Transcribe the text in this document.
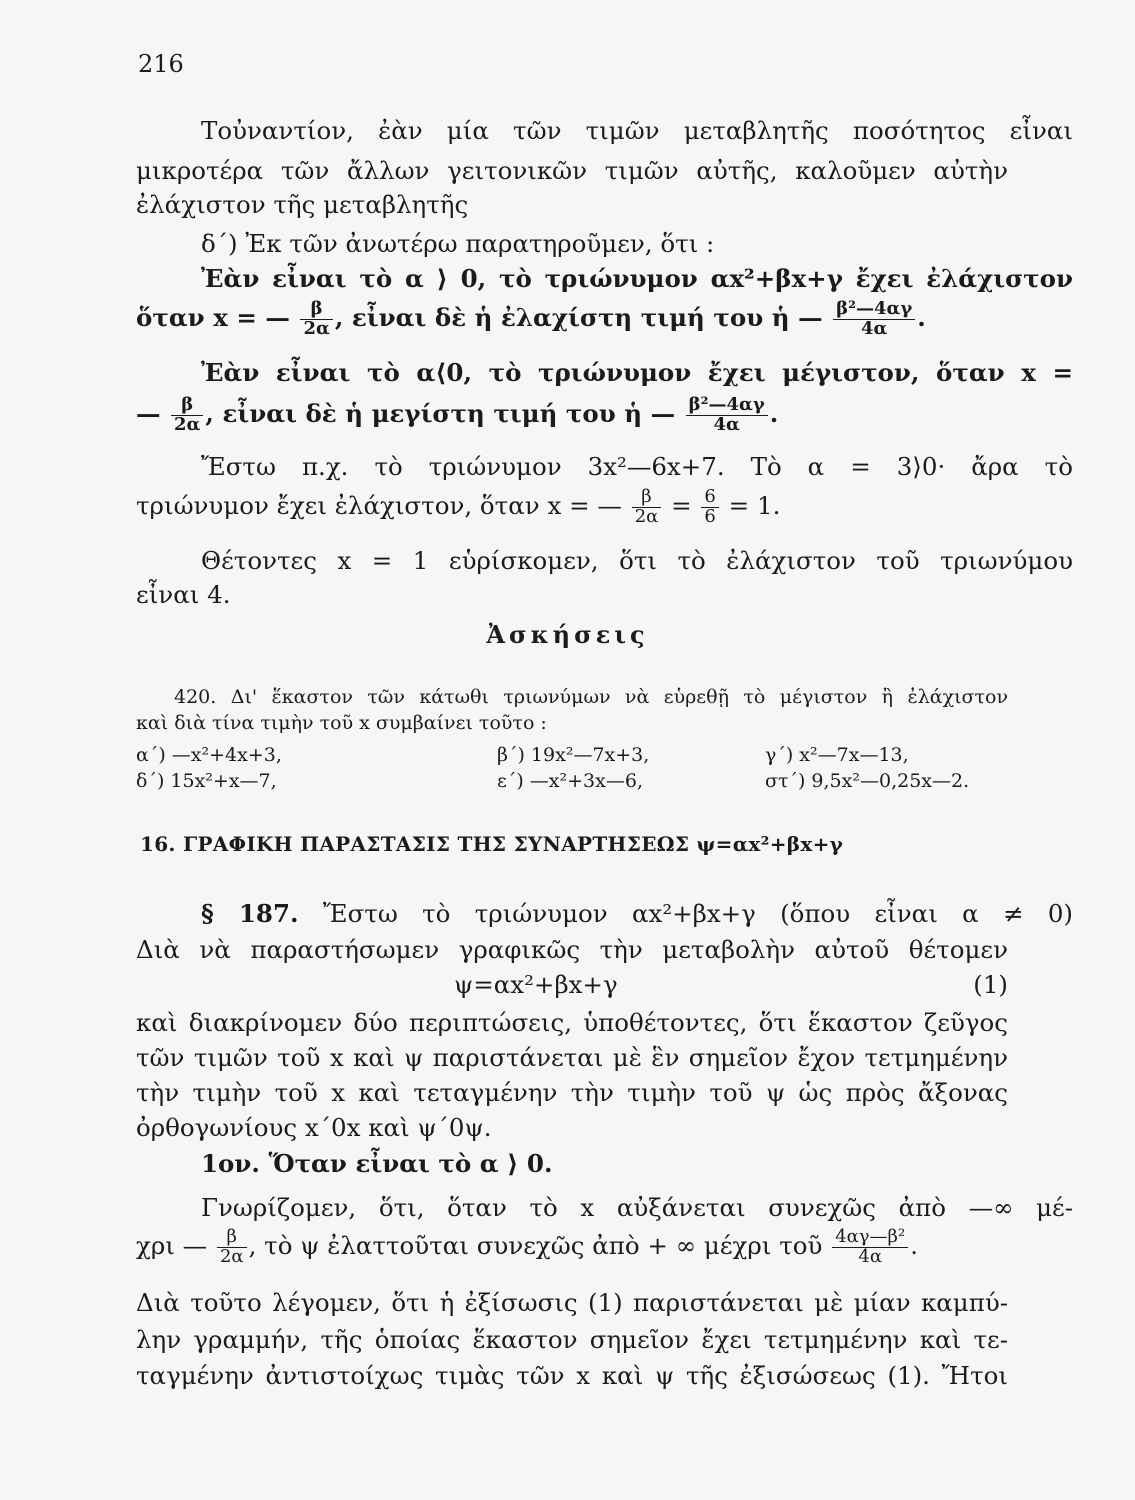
216
Τοὐναντίον, ἐὰν μία τῶν τιμῶν μεταβλητῆς ποσότητος εἶναι
μικροτέρα τῶν ἄλλων γειτονικῶν τιμῶν αὐτῆς, καλοῦμεν αὐτὴν
ἐλάχιστον τῆς μεταβλητῆς
δ΄) Ἐκ τῶν ἀνωτέρω παρατηροῦμεν, ὅτι :
Ἐὰν εἶναι τὸ α ⟩ 0, τὸ τριώνυμον αx²+βx+γ ἔχει ἐλάχιστον
ὅταν x = — $\frac{\beta}{2\alpha}$ , εἶναι δὲ ἡ ἐλαχίστη τιμή του ἡ — $\frac{\text{β²—4αγ}}{4\alpha}$ .
Ἐὰν εἶναι τὸ α⟨0, τὸ τριώνυμον ἔχει μέγιστον, ὅταν x =
— $\frac{\beta}{2\alpha}$ , εἶναι δὲ ἡ μεγίστη τιμή του ἡ — $\frac{\text{β²—4αγ}}{4\alpha}$ .
Ἔστω π.χ. τὸ τριώνυμον 3x²—6x+7. Τὸ α = 3⟩0· ἄρα τὸ
τριώνυμον ἔχει ἐλάχιστον, ὅταν x = — $\frac{\beta}{2\alpha} = \frac{6}{6} = 1$.
Θέτοντες x = 1 εὑρίσκομεν, ὅτι τὸ ἐλάχιστον τοῦ τριωνύμου
εἶναι 4.
Ἀσκήσεις
420. Δι' ἕκαστον τῶν κάτωθι τριωνύμων νὰ εὑρεθῇ τὸ μέγιστον ἢ ἐλάχιστον
καὶ διὰ τίνα τιμὴν τοῦ x συμβαίνει τοῦτο :
α΄) —x²+4x+3,	β΄) 19x²—7x+3,	γ΄) x²—7x—13,
δ΄) 15x²+x—7,	ε΄) —x²+3x—6,	στ΄) 9,5x²—0,25x—2.
16. ΓΡΑΦΙΚΗ ΠΑΡΑΣΤΑΣΙΣ ΤΗΣ ΣΥΝΑΡΤΗΣΕΩΣ ψ=αx²+βx+γ
§ 187. Ἔστω τὸ τριώνυμον αx²+βx+γ (ὅπου εἶναι α ≠ 0)
Διὰ νὰ παραστήσωμεν γραφικῶς τὴν μεταβολὴν αὐτοῦ θέτομεν
ψ=αx²+βx+γ	(1)
καὶ διακρίνομεν δύο περιπτώσεις, ὑποθέτοντες, ὅτι ἕκαστον ζεῦγος
τῶν τιμῶν τοῦ x καὶ ψ παριστάνεται μὲ ἓν σημεῖον ἔχον τετμημένην
τὴν τιμὴν τοῦ x καὶ τεταγμένην τὴν τιμὴν τοῦ ψ ὡς πρὸς ἄξονας
ὀρθογωνίους x΄0x καὶ ψ΄0ψ.
1ον. Ὅταν εἶναι τὸ α ⟩ 0.
Γνωρίζομεν, ὅτι, ὅταν τὸ x αὐξάνεται συνεχῶς ἀπὸ —∞ μέ-
χρι — $\frac{\beta}{2\alpha}$ , τὸ ψ ἐλαττοῦται συνεχῶς ἀπὸ + ∞ μέχρι τοῦ $\frac{\text{4αγ—β²}}{4\alpha}$ .
Διὰ τοῦτο λέγομεν, ὅτι ἡ ἐξίσωσις (1) παριστάνεται μὲ μίαν καμπύ-
λην γραμμήν, τῆς ὁποίας ἕκαστον σημεῖον ἔχει τετμημένην καὶ τε-
ταγμένην ἀντιστοίχως τιμὰς τῶν x καὶ ψ τῆς ἐξισώσεως (1). Ἤτοι
